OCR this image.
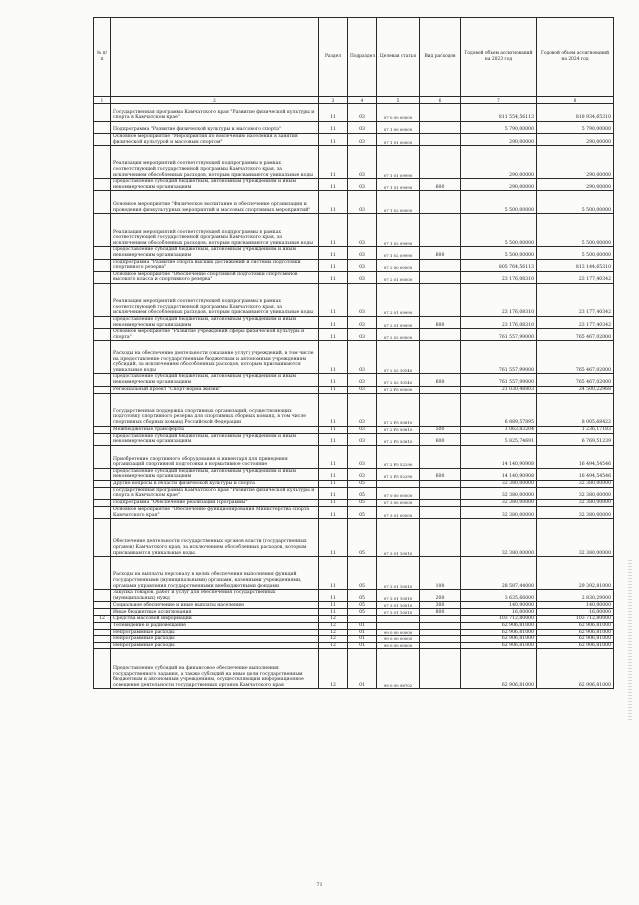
№ п/п		Раздел	Подраздел	Целевая статья	Вид расходов	Годовой объем ассигнований на 2023 год	Годовой объем ассигнований на 2024 год
1	2	3	4	5	6	7	8
	Государственная программа Камчатского края "Развитие физической культуры и спорта в Камчатском крае"	11	03	07 0 00 00000		811 554,56113	818 934,65310
	Подпрограмма "Развитие физической культуры и массового спорта"	11	03	07 1 00 00000		5 790,00000	5 790,00000
	Основное мероприятие "Мероприятия по вовлечению населения в занятия физической культурой и массовым спортом"	11	03	07 1 01 00000		290,00000	290,00000
	Реализация мероприятий соответствующей подпрограммы в рамках соответствующей государственной программы Камчатского края, за исключением обособленных расходов, которым присваиваются уникальные коды	11	03	07 1 01 09990		290,00000	290,00000
	Предоставление субсидий бюджетным, автономным учреждениям и иным некоммерческим организациям	11	03	07 1 01 09990	600	290,00000	290,00000
	Основное мероприятие "Физическое воспитание и обеспечение организации и проведения физкультурных мероприятий и массовых спортивных мероприятий"	11	03	07 1 02 00000		5 500,00000	5 500,00000
	Реализация мероприятий соответствующей подпрограммы в рамках соответствующей государственной программы Камчатского края, за исключением обособленных расходов, которым присваиваются уникальные коды	11	03	07 1 02 09990		5 500,00000	5 500,00000
	Предоставление субсидий бюджетным, автономным учреждениям и иным некоммерческим организациям	11	03	07 1 02 09990	600	5 500,00000	5 500,00000
	Подпрограмма "Развитие спорта высших достижений и системы подготовки спортивного резерва"	11	03	07 2 00 00000		805 764,56113	813 144,65310
	Основное мероприятие "Обеспечение спортивной подготовки спортсменов высокого класса и спортивного резерва"	11	03	07 2 01 00000		23 176,08310	23 177,40342
	Реализация мероприятий соответствующей подпрограммы в рамках соответствующей государственной программы Камчатского края, за исключением обособленных расходов, которым присваиваются уникальные коды	11	03	07 2 01 09990		23 176,08310	23 177,40342
	Предоставление субсидий бюджетным, автономным учреждениям и иным некоммерческим организациям	11	03	07 2 01 09990	600	23 176,08310	23 177,40342
	Основное мероприятие "Развитие учреждений сферы физической культуры и спорта"	11	03	07 2 02 00000		761 557,99000	765 467,02000
	Расходы на обеспечение деятельности (оказание услуг) учреждений, в том числе на предоставление государственным бюджетным и автономным учреждениям субсидий, за исключением обособленных расходов, которым присваиваются уникальные коды	11	03	07 2 02 10140		761 557,99000	765 467,02000
	Предоставление субсидий бюджетным, автономным учреждениям и иным некоммерческим организациям	11	03	07 2 02 10140	600	761 557,99000	765 467,02000
	Региональный проект "Спорт-норма жизни"	11	03	07 2 P5 00000		21 030,48803	24 500,22968
	Государственная поддержка спортивных организаций, осуществляющих подготовку спортивного резерва для спортивных сборных команд, в том числе спортивных сборных команд Российской Федерации	11	03	07 2 P5 50810		6 889,57895	8 005,68422
	Межбюджетные трансферты	11	03	07 2 P5 50810	500	1 063,83204	1 236,17183
	Предоставление субсидий бюджетным, автономным учреждениям и иным некоммерческим организациям	11	03	07 2 P5 50810	600	5 825,74691	6 769,51239
	Приобретение спортивного оборудования и инвентаря для приведения организаций спортивной подготовки в нормативное состояние	11	03	07 2 P5 52290		14 140,90908	16 494,54546
	Предоставление субсидий бюджетным, автономным учреждениям и иным некоммерческим организациям	11	03	07 2 P5 52290	600	14 140,90908	16 494,54546
	Другие вопросы в области физической культуры и спорта	11	05			32 380,00000	32 380,00000
	Государственная программа Камчатского края "Развитие физической культуры и спорта в Камчатском крае"	11	05	07 0 00 00000		32 380,00000	32 380,00000
	Подпрограмма "Обеспечение реализации Программы"	11	05	07 3 00 00000		32 380,00000	32 380,00000
	Основное мероприятие "Обеспечение функционирования Министерства спорта Камчатского края"	11	05	07 3 01 00000		32 380,00000	32 380,00000
	Обеспечение деятельности государственных органов власти (государственных органов) Камчатского края, за исключением обособленных расходов, которым присваиваются уникальные коды.	11	05	07 3 01 10010		32 380,00000	32 380,00000
	Расходы на выплаты персоналу в целях обеспечения выполнения функций государственными (муниципальными) органами, казенными учреждениями, органами управления государственными внебюджетными фондами	11	05	07 3 01 10010	100	28 587,44000	29 392,81000
	Закупка товаров, работ и услуг для обеспечения государственных (муниципальных) нужд	11	05	07 3 01 10010	200	3 635,66000	2 830,29000
	Социальное обеспечение и иные выплаты населению	11	05	07 3 01 10010	300	140,90000	140,90000
	Иные бюджетные ассигнования	11	05	07 3 01 10010	800	16,00000	16,00000
12	Средства массовой информации	12				103 712,80000	103 712,80000
	Телевидение и радиовещание	12	01			62 906,81000	62 906,81000
	Непрограммные расходы	12	01	99 0 00 00000		62 906,81000	62 906,81000
	Непрограммные расходы	12	01	99 0 00 00000		62 906,81000	62 906,81000
	Непрограммные расходы	12	01	99 0 00 00000		62 906,81000	62 906,81000
	Предоставление субсидий на финансовое обеспечение выполнения государственного задания, а также субсидий на иные цели государственным бюджетным и автономным учреждениям, осуществляющим информационное освещение деятельности государственных органов Камчатского края	12	01	99 0 00 98702		62 906,81000	62 906,81000
71
